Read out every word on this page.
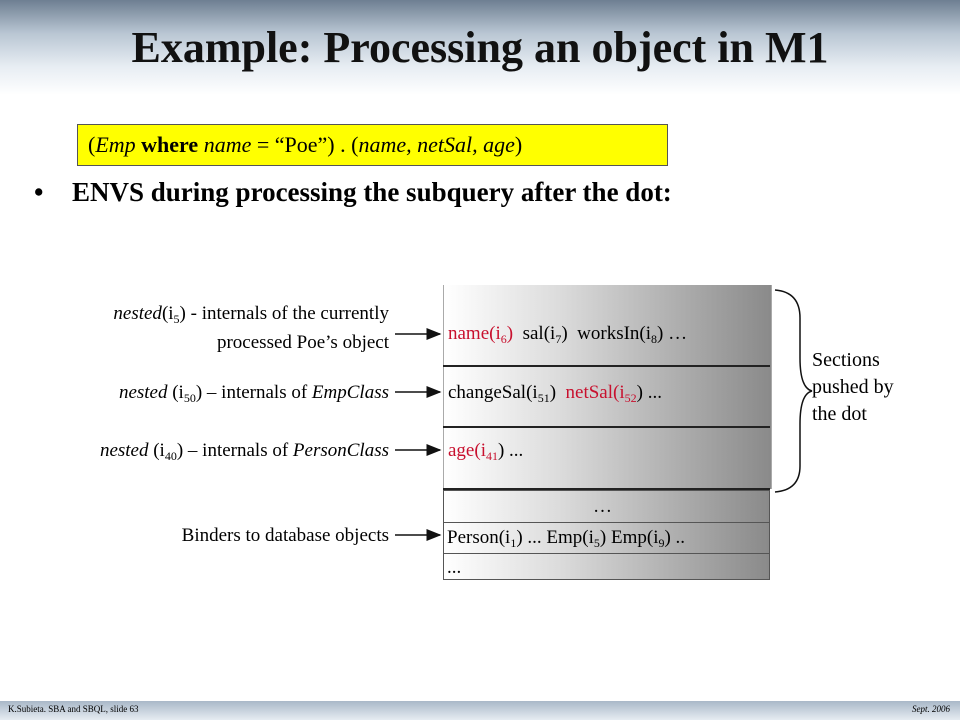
Example: Processing an object in M1
(Emp where name = “Poe”) . (name, netSal, age)
• ENVS during processing the subquery after the dot:
$name(i_6)$ $sal(i_7)$ $worksIn(i_8)$ …
$changeSal(i_{51})$ $netSal(i_{52})$ ...
$age(i_{41})$ ...
…
$Person(i_1)$ ... $Emp(i_5)$ $Emp(i_9)$ ..
...
$nested(i_5)$ - internals of the currently
processed Poe’s object
nested $(i_{50})$ – internals of EmpClass
nested $(i_{40})$ – internals of PersonClass
Binders to database objects
Sections
pushed by
the dot
K.Subieta. SBA and SBQL, slide 63	Sept. 2006
